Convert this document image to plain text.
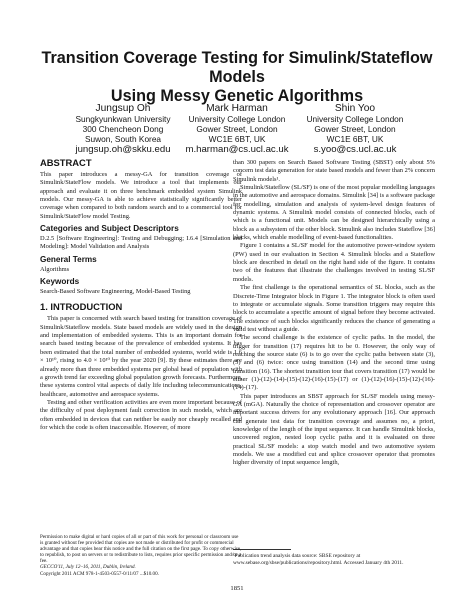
Transition Coverage Testing for Simulink/Stateflow Models
Using Messy Genetic Algorithms
Jungsup Oh
Sungkyunkwan University
300 Chencheon Dong
Suwon, South Korea
jungsup.oh@skku.edu
Mark Harman
University College London
Gower Street, London
WC1E 6BT, UK
m.harman@cs.ucl.ac.uk
Shin Yoo
University College London
Gower Street, London
WC1E 6BT, UK
s.yoo@cs.ucl.ac.uk
ABSTRACT

This paper introduces a messy-GA for transition coverage of Simulink/StateFlow models. We introduce a tool that implements our approach and evaluate it on three benchmark embedded system Simulink models. Our messy-GA is able to achieve statistically significantly better coverage when compared to both random search and to a commercial tool for Simulink/StateFlow model Testing.

Categories and Subject Descriptors

D.2.5 [Software Engineering]: Testing and Debugging; I.6.4 [Simulation and Modeling]: Model Validation and Analysis

General Terms

Algorithms

Keywords

Search-Based Software Engineering, Model-Based Testing

1. INTRODUCTION

This paper is concerned with search based testing for transition coverage of Simulink/Stateflow models. State based models are widely used in the design and implementation of embedded systems. This is an important domain for search based testing because of the prevalence of embedded systems. It has been estimated that the total number of embedded systems, world wide is 1.6 × 10¹⁰, rising to 4.0 × 10¹⁰ by the year 2020 [9]. By these estimates there are already more than three embedded systems per global head of population with a growth trend far exceeding global population growth forecasts. Furthermore, these systems control vital aspects of daily life including telecommunications, healthcare, automotive and aerospace systems.

Testing and other verification activities are even more important because of the difficulty of post deployment fault correction in such models, which are often embedded in devices that can neither be easily nor cheaply recalled and for which the code is often inaccessible. However, of more

Permission to make digital or hard copies of all or part of this work for personal or classroom use is granted without fee provided that copies are not made or distributed for profit or commercial advantage and that copies bear this notice and the full citation on the first page. To copy otherwise, to republish, to post on servers or to redistribute to lists, requires prior specific permission and/or a fee.

GECCO'11, July 12–16, 2011, Dublin, Ireland.

Copyright 2011 ACM 978-1-4503-0557-0/11/07 ...$10.00.

than 300 papers on Search Based Software Testing (SBST) only about 5% concern test data generation for state based models and fewer than 2% concern Simulink models¹.

Simulink/Stateflow (SL/SF) is one of the most popular modelling languages in the automotive and aerospace domains. Simulink [34] is a software package for modelling, simulation and analysis of system-level design features of dynamic systems. A Simulink model consists of connected blocks, each of which is a functional unit. Models can be designed hierarchically using a block as a subsystem of the other block. Simulink also includes Stateflow [36] blocks, which enable modelling of event-based functionalities.

Figure 1 contains a SL/SF model for the automotive power-window system (PW) used in our evaluation in Section 4. Simulink blocks and a Stateflow block are described in detail on the right hand side of the figure. It contains two of the features that illustrate the challenges involved in testing SL/SF models.

The first challenge is the operational semantics of SL blocks, such as the Discrete-Time Integrator block in Figure 1. The integrator block is often used to integrate or accumulate signals. Some transition triggers may require this block to accumulate a specific amount of signal before they become activated. The existence of such blocks significantly reduces the chance of generating a valid test without a guide.

The second challenge is the existence of cyclic paths. In the model, the trigger for transition (17) requires hit to be 0. However, the only way of reaching the source state (6) is to go over the cyclic paths between state (3), (5) and (6) twice: once using transition (14) and the second time using transition (16). The shortest transition tour that covers transition (17) would be either (1)-(12)-(14)-(15)-(12)-(16)-(15)-(17) or (1)-(12)-(16)-(15)-(12)-(16)-(14)-(17).

This paper introduces an SBST approach for SL/SF models using messy-GA (mGA). Naturally the choice of representation and crossover operator are important success drivers for any evolutionary approach [16]. Our approach can generate test data for transition coverage and assumes no, a priori, knowledge of the length of the input sequence. It can handle Simulink blocks, uncovered region, nested loop cyclic paths and it is evaluated on three practical SL/SF models: a stop watch model and two automotive system models. We use a modified cut and splice crossover operator that promotes higher diversity of input sequence length,

¹Publication trend analysis data source: SBSE repository at www.sebase.org/sbse/publications/repository.html. Accessed January 4th 2011.

1851
